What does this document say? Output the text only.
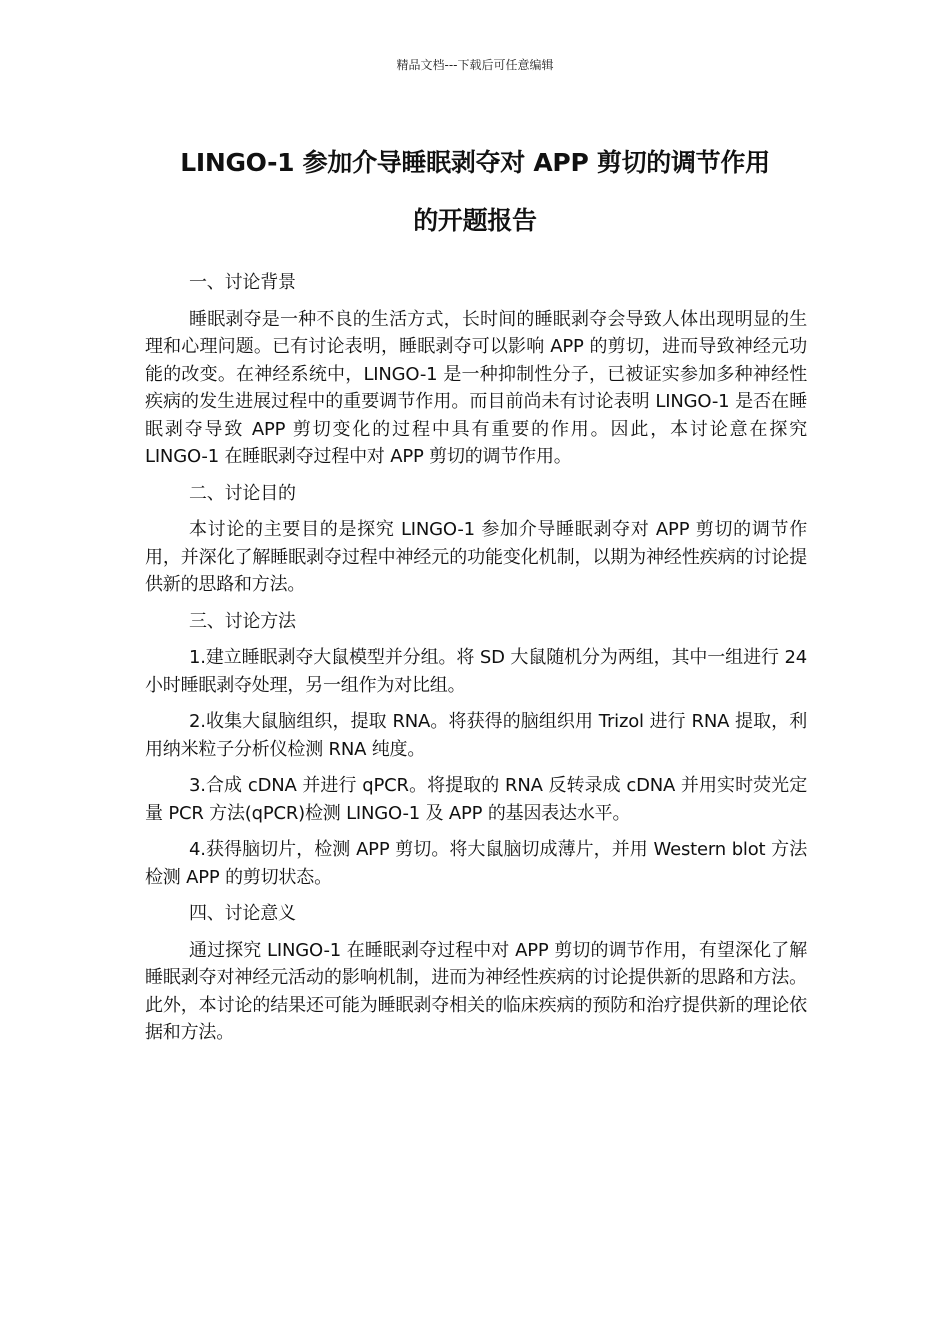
精品文档---下载后可任意编辑
LINGO-1 参加介导睡眠剥夺对 APP 剪切的调节作用
的开题报告

一、讨论背景

睡眠剥夺是一种不良的生活方式，长时间的睡眠剥夺会导致人体出现明显的生理和心理问题。已有讨论表明，睡眠剥夺可以影响 APP 的剪切，进而导致神经元功能的改变。在神经系统中，LINGO-1 是一种抑制性分子，已被证实参加多种神经性疾病的发生进展过程中的重要调节作用。而目前尚未有讨论表明 LINGO-1 是否在睡眠剥夺导致 APP 剪切变化的过程中具有重要的作用。因此，本讨论意在探究 LINGO-1 在睡眠剥夺过程中对 APP 剪切的调节作用。

二、讨论目的

本讨论的主要目的是探究 LINGO-1 参加介导睡眠剥夺对 APP 剪切的调节作用，并深化了解睡眠剥夺过程中神经元的功能变化机制，以期为神经性疾病的讨论提供新的思路和方法。

三、讨论方法

1.建立睡眠剥夺大鼠模型并分组。将 SD 大鼠随机分为两组，其中一组进行 24 小时睡眠剥夺处理，另一组作为对比组。

2.收集大鼠脑组织，提取 RNA。将获得的脑组织用 Trizol 进行 RNA 提取，利用纳米粒子分析仪检测 RNA 纯度。

3.合成 cDNA 并进行 qPCR。将提取的 RNA 反转录成 cDNA 并用实时荧光定量 PCR 方法(qPCR)检测 LINGO-1 及 APP 的基因表达水平。

4.获得脑切片，检测 APP 剪切。将大鼠脑切成薄片，并用 Western blot 方法检测 APP 的剪切状态。

四、讨论意义

通过探究 LINGO-1 在睡眠剥夺过程中对 APP 剪切的调节作用，有望深化了解睡眠剥夺对神经元活动的影响机制，进而为神经性疾病的讨论提供新的思路和方法。此外，本讨论的结果还可能为睡眠剥夺相关的临床疾病的预防和治疗提供新的理论依据和方法。
